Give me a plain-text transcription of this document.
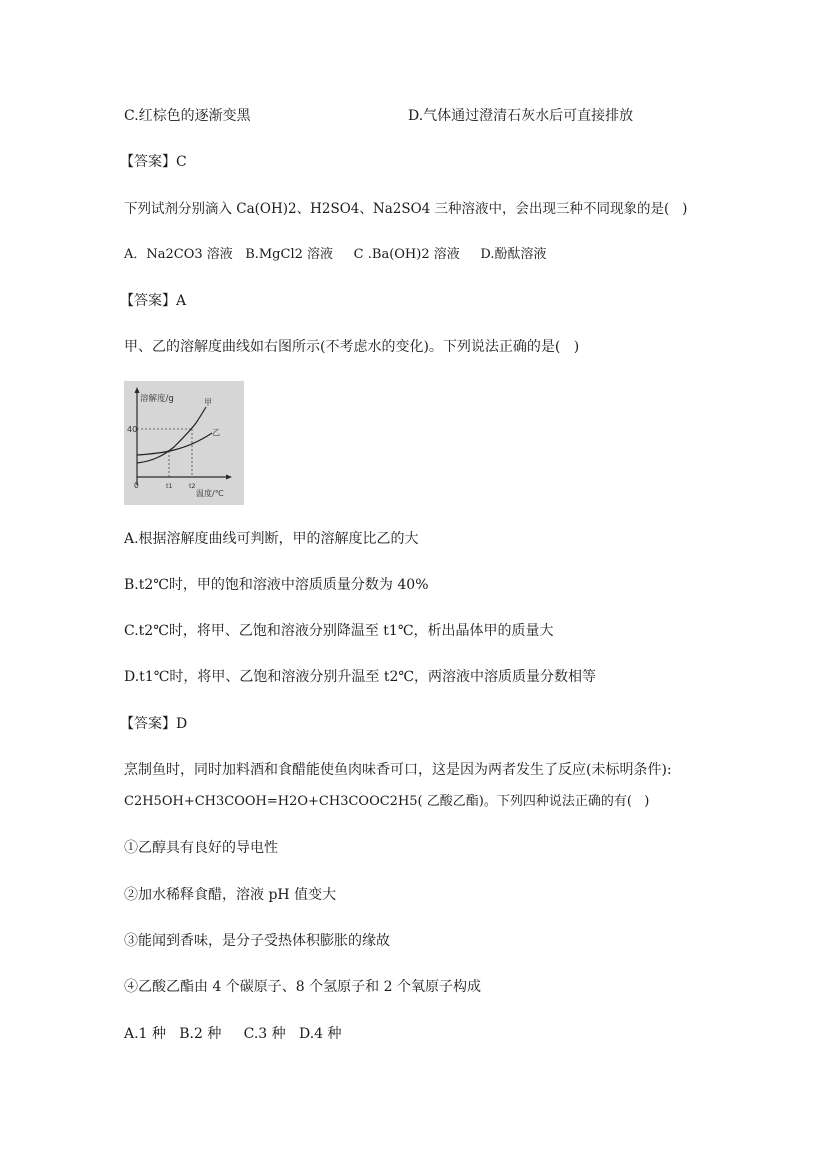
C.红棕色的逐渐变黑	D.气体通过澄清石灰水后可直接排放
【答案】C
下列试剂分别滴入 Ca(OH)2、H2SO4、Na2SO4 三种溶液中，会出现三种不同现象的是(   )
A．Na2CO3 溶液   B.MgCl2 溶液     C .Ba(OH)2 溶液     D.酚酞溶液
【答案】A
甲、乙的溶解度曲线如右图所示(不考虑水的变化)。下列说法正确的是(   )
溶解度/g
40
0	t1	t2
温度/℃
甲
乙
A.根据溶解度曲线可判断，甲的溶解度比乙的大
B.t2℃时，甲的饱和溶液中溶质质量分数为 40%
C.t2℃时，将甲、乙饱和溶液分别降温至 t1℃，析出晶体甲的质量大
D.t1℃时，将甲、乙饱和溶液分别升温至 t2℃，两溶液中溶质质量分数相等
【答案】D
烹制鱼时，同时加料酒和食醋能使鱼肉味香可口，这是因为两者发生了反应(未标明条件):
C2H5OH+CH3COOH=H2O+CH3COOC2H5( 乙酸乙酯)。下列四种说法正确的有(   )
①乙醇具有良好的导电性
②加水稀释食醋，溶液 pH 值变大
③能闻到香味，是分子受热体积膨胀的缘故
④乙酸乙酯由 4 个碳原子、8 个氢原子和 2 个氧原子构成
A.1 种   B.2 种     C.3 种   D.4 种
